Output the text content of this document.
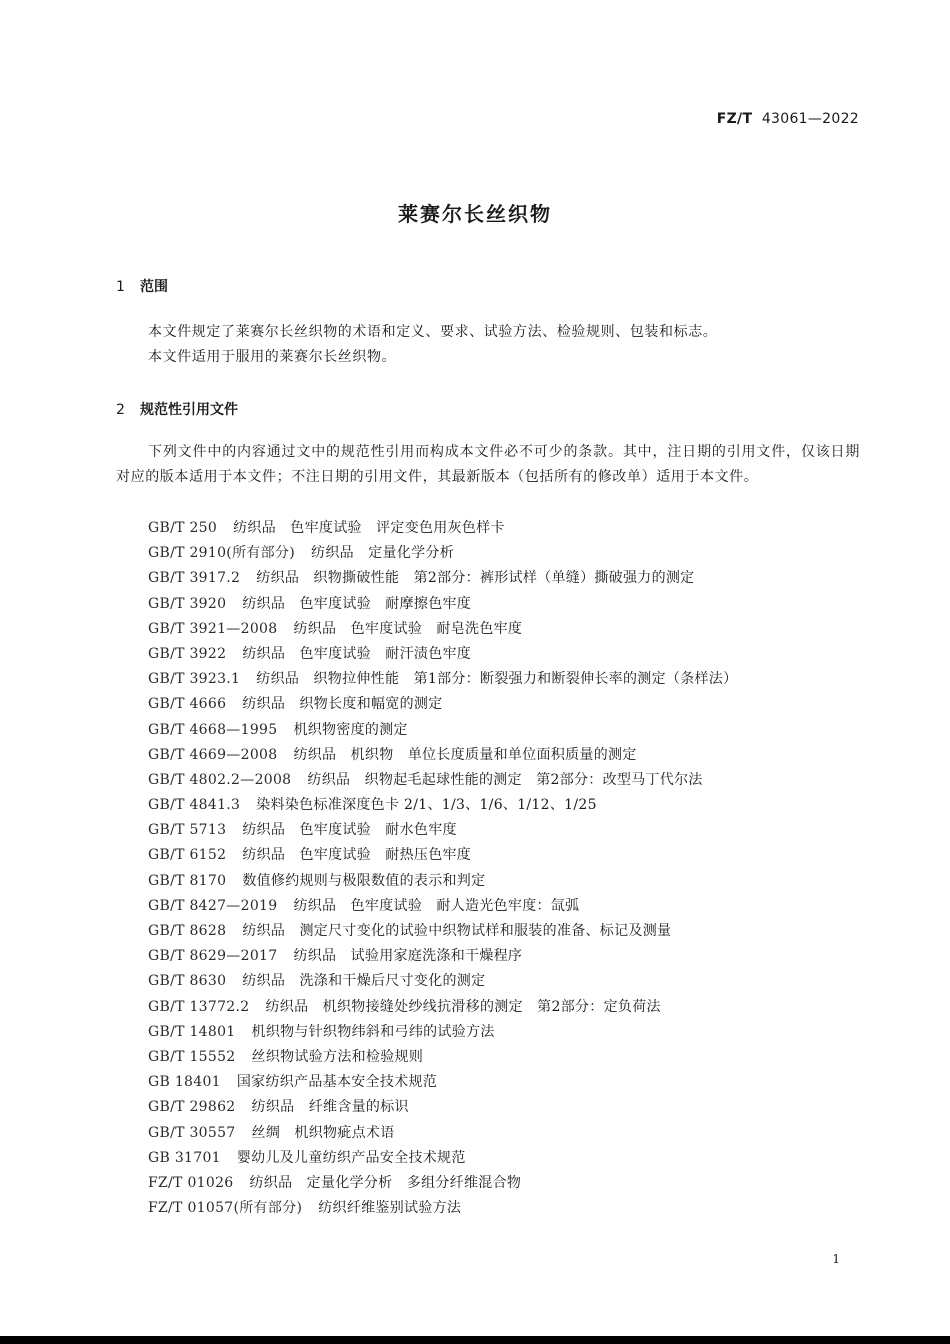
FZ/T 43061—2022
莱赛尔长丝织物
1 范围
本文件规定了莱赛尔长丝织物的术语和定义、要求、试验方法、检验规则、包装和标志。
本文件适用于服用的莱赛尔长丝织物。
2 规范性引用文件
下列文件中的内容通过文中的规范性引用而构成本文件必不可少的条款。其中，注日期的引用文件，仅该日期对应的版本适用于本文件；不注日期的引用文件，其最新版本（包括所有的修改单）适用于本文件。
GB/T 250 纺织品　色牢度试验　评定变色用灰色样卡
GB/T 2910(所有部分) 纺织品　定量化学分析
GB/T 3917.2 纺织品　织物撕破性能　第2部分：裤形试样（单缝）撕破强力的测定
GB/T 3920 纺织品　色牢度试验　耐摩擦色牢度
GB/T 3921—2008 纺织品　色牢度试验　耐皂洗色牢度
GB/T 3922 纺织品　色牢度试验　耐汗渍色牢度
GB/T 3923.1 纺织品　织物拉伸性能　第1部分：断裂强力和断裂伸长率的测定（条样法）
GB/T 4666 纺织品　织物长度和幅宽的测定
GB/T 4668—1995 机织物密度的测定
GB/T 4669—2008 纺织品　机织物　单位长度质量和单位面积质量的测定
GB/T 4802.2—2008 纺织品　织物起毛起球性能的测定　第2部分：改型马丁代尔法
GB/T 4841.3 染料染色标准深度色卡 2/1、1/3、1/6、1/12、1/25
GB/T 5713 纺织品　色牢度试验　耐水色牢度
GB/T 6152 纺织品　色牢度试验　耐热压色牢度
GB/T 8170 数值修约规则与极限数值的表示和判定
GB/T 8427—2019 纺织品　色牢度试验　耐人造光色牢度：氙弧
GB/T 8628 纺织品　测定尺寸变化的试验中织物试样和服装的准备、标记及测量
GB/T 8629—2017 纺织品　试验用家庭洗涤和干燥程序
GB/T 8630 纺织品　洗涤和干燥后尺寸变化的测定
GB/T 13772.2 纺织品　机织物接缝处纱线抗滑移的测定　第2部分：定负荷法
GB/T 14801 机织物与针织物纬斜和弓纬的试验方法
GB/T 15552 丝织物试验方法和检验规则
GB 18401 国家纺织产品基本安全技术规范
GB/T 29862 纺织品　纤维含量的标识
GB/T 30557 丝绸　机织物疵点术语
GB 31701 婴幼儿及儿童纺织产品安全技术规范
FZ/T 01026 纺织品　定量化学分析　多组分纤维混合物
FZ/T 01057(所有部分) 纺织纤维鉴别试验方法
1
